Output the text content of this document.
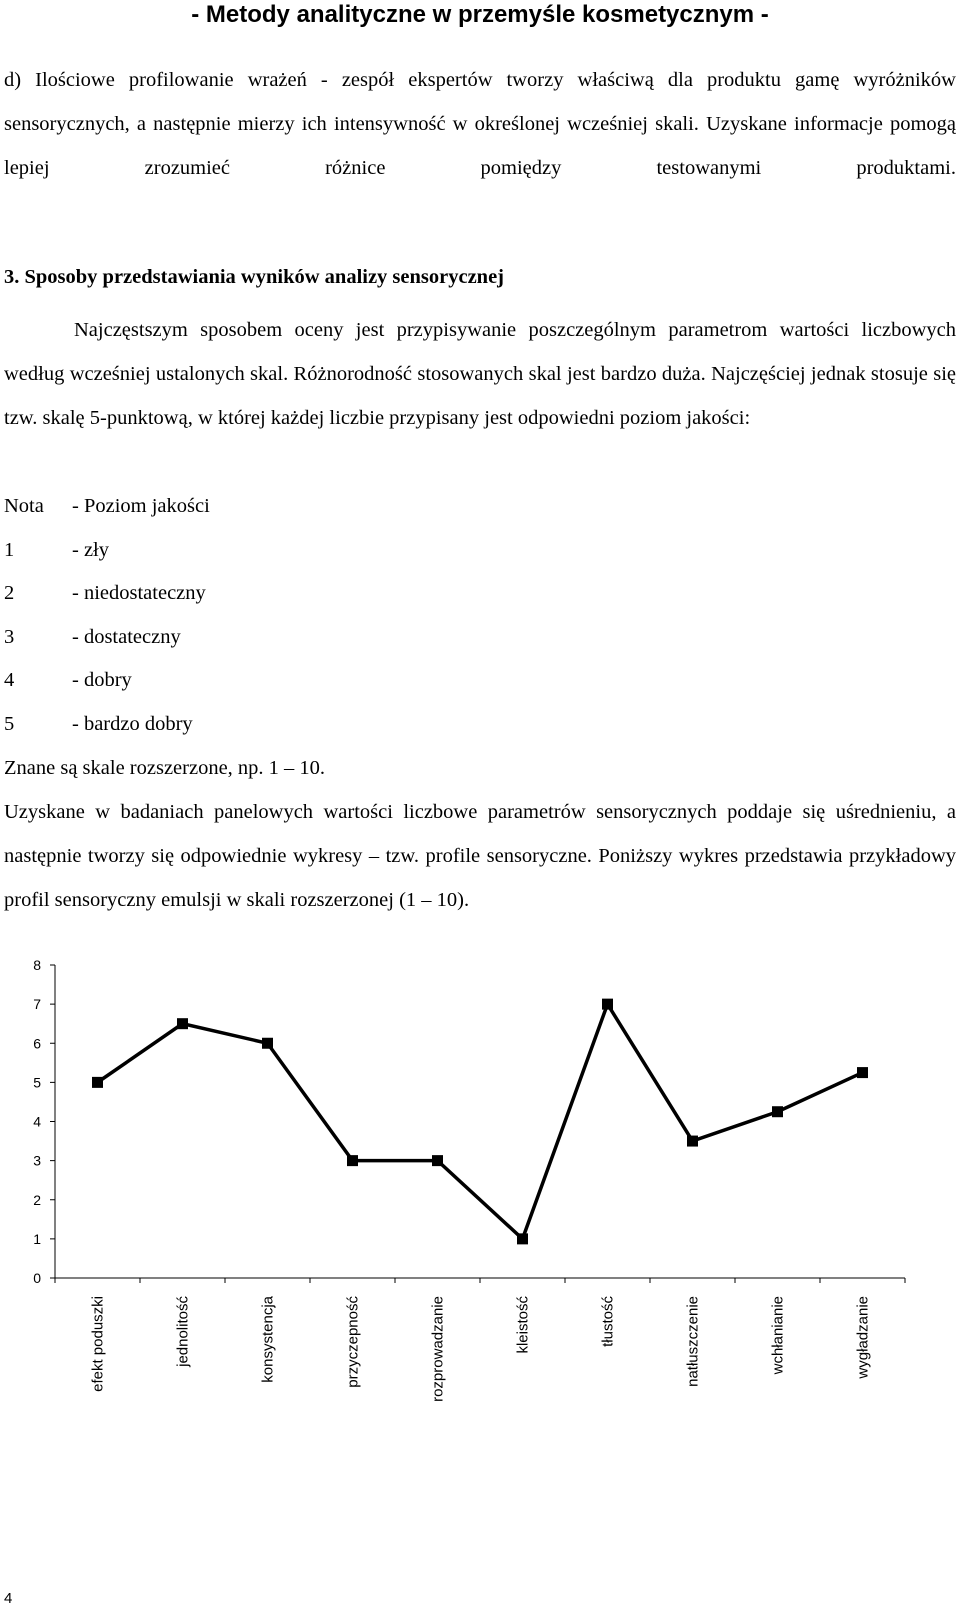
- Metody analityczne w przemyśle kosmetycznym -
d) Ilościowe profilowanie wrażeń - zespół ekspertów tworzy właściwą dla produktu gamę wyróżników sensorycznych, a następnie mierzy ich intensywność w określonej wcześniej skali. Uzyskane informacje pomogą lepiej zrozumieć różnice pomiędzy testowanymi produktami.
3. Sposoby przedstawiania wyników analizy sensorycznej
Najczęstszym sposobem oceny jest przypisywanie poszczególnym parametrom wartości liczbowych według wcześniej ustalonych skal. Różnorodność stosowanych skal jest bardzo duża. Najczęściej jednak stosuje się tzw. skalę 5-punktową, w której każdej liczbie przypisany jest odpowiedni poziom jakości:
Nota	- Poziom jakości
1	- zły
2	- niedostateczny
3	- dostateczny
4	- dobry
5	- bardzo dobry
Znane są skale rozszerzone, np. 1 – 10.
Uzyskane w badaniach panelowych wartości liczbowe parametrów sensorycznych poddaje się uśrednieniu, a następnie tworzy się odpowiednie wykresy – tzw. profile sensoryczne. Poniższy wykres przedstawia przykładowy profil sensoryczny emulsji w skali rozszerzonej (1 – 10).
0
1
2
3
4
5
6
7
8
efekt poduszki	jednolitość	konsystencja	przyczepność	rozprowadzanie	kleistość	tłustość	natłuszczenie	wchłanianie	wygładzanie
4
